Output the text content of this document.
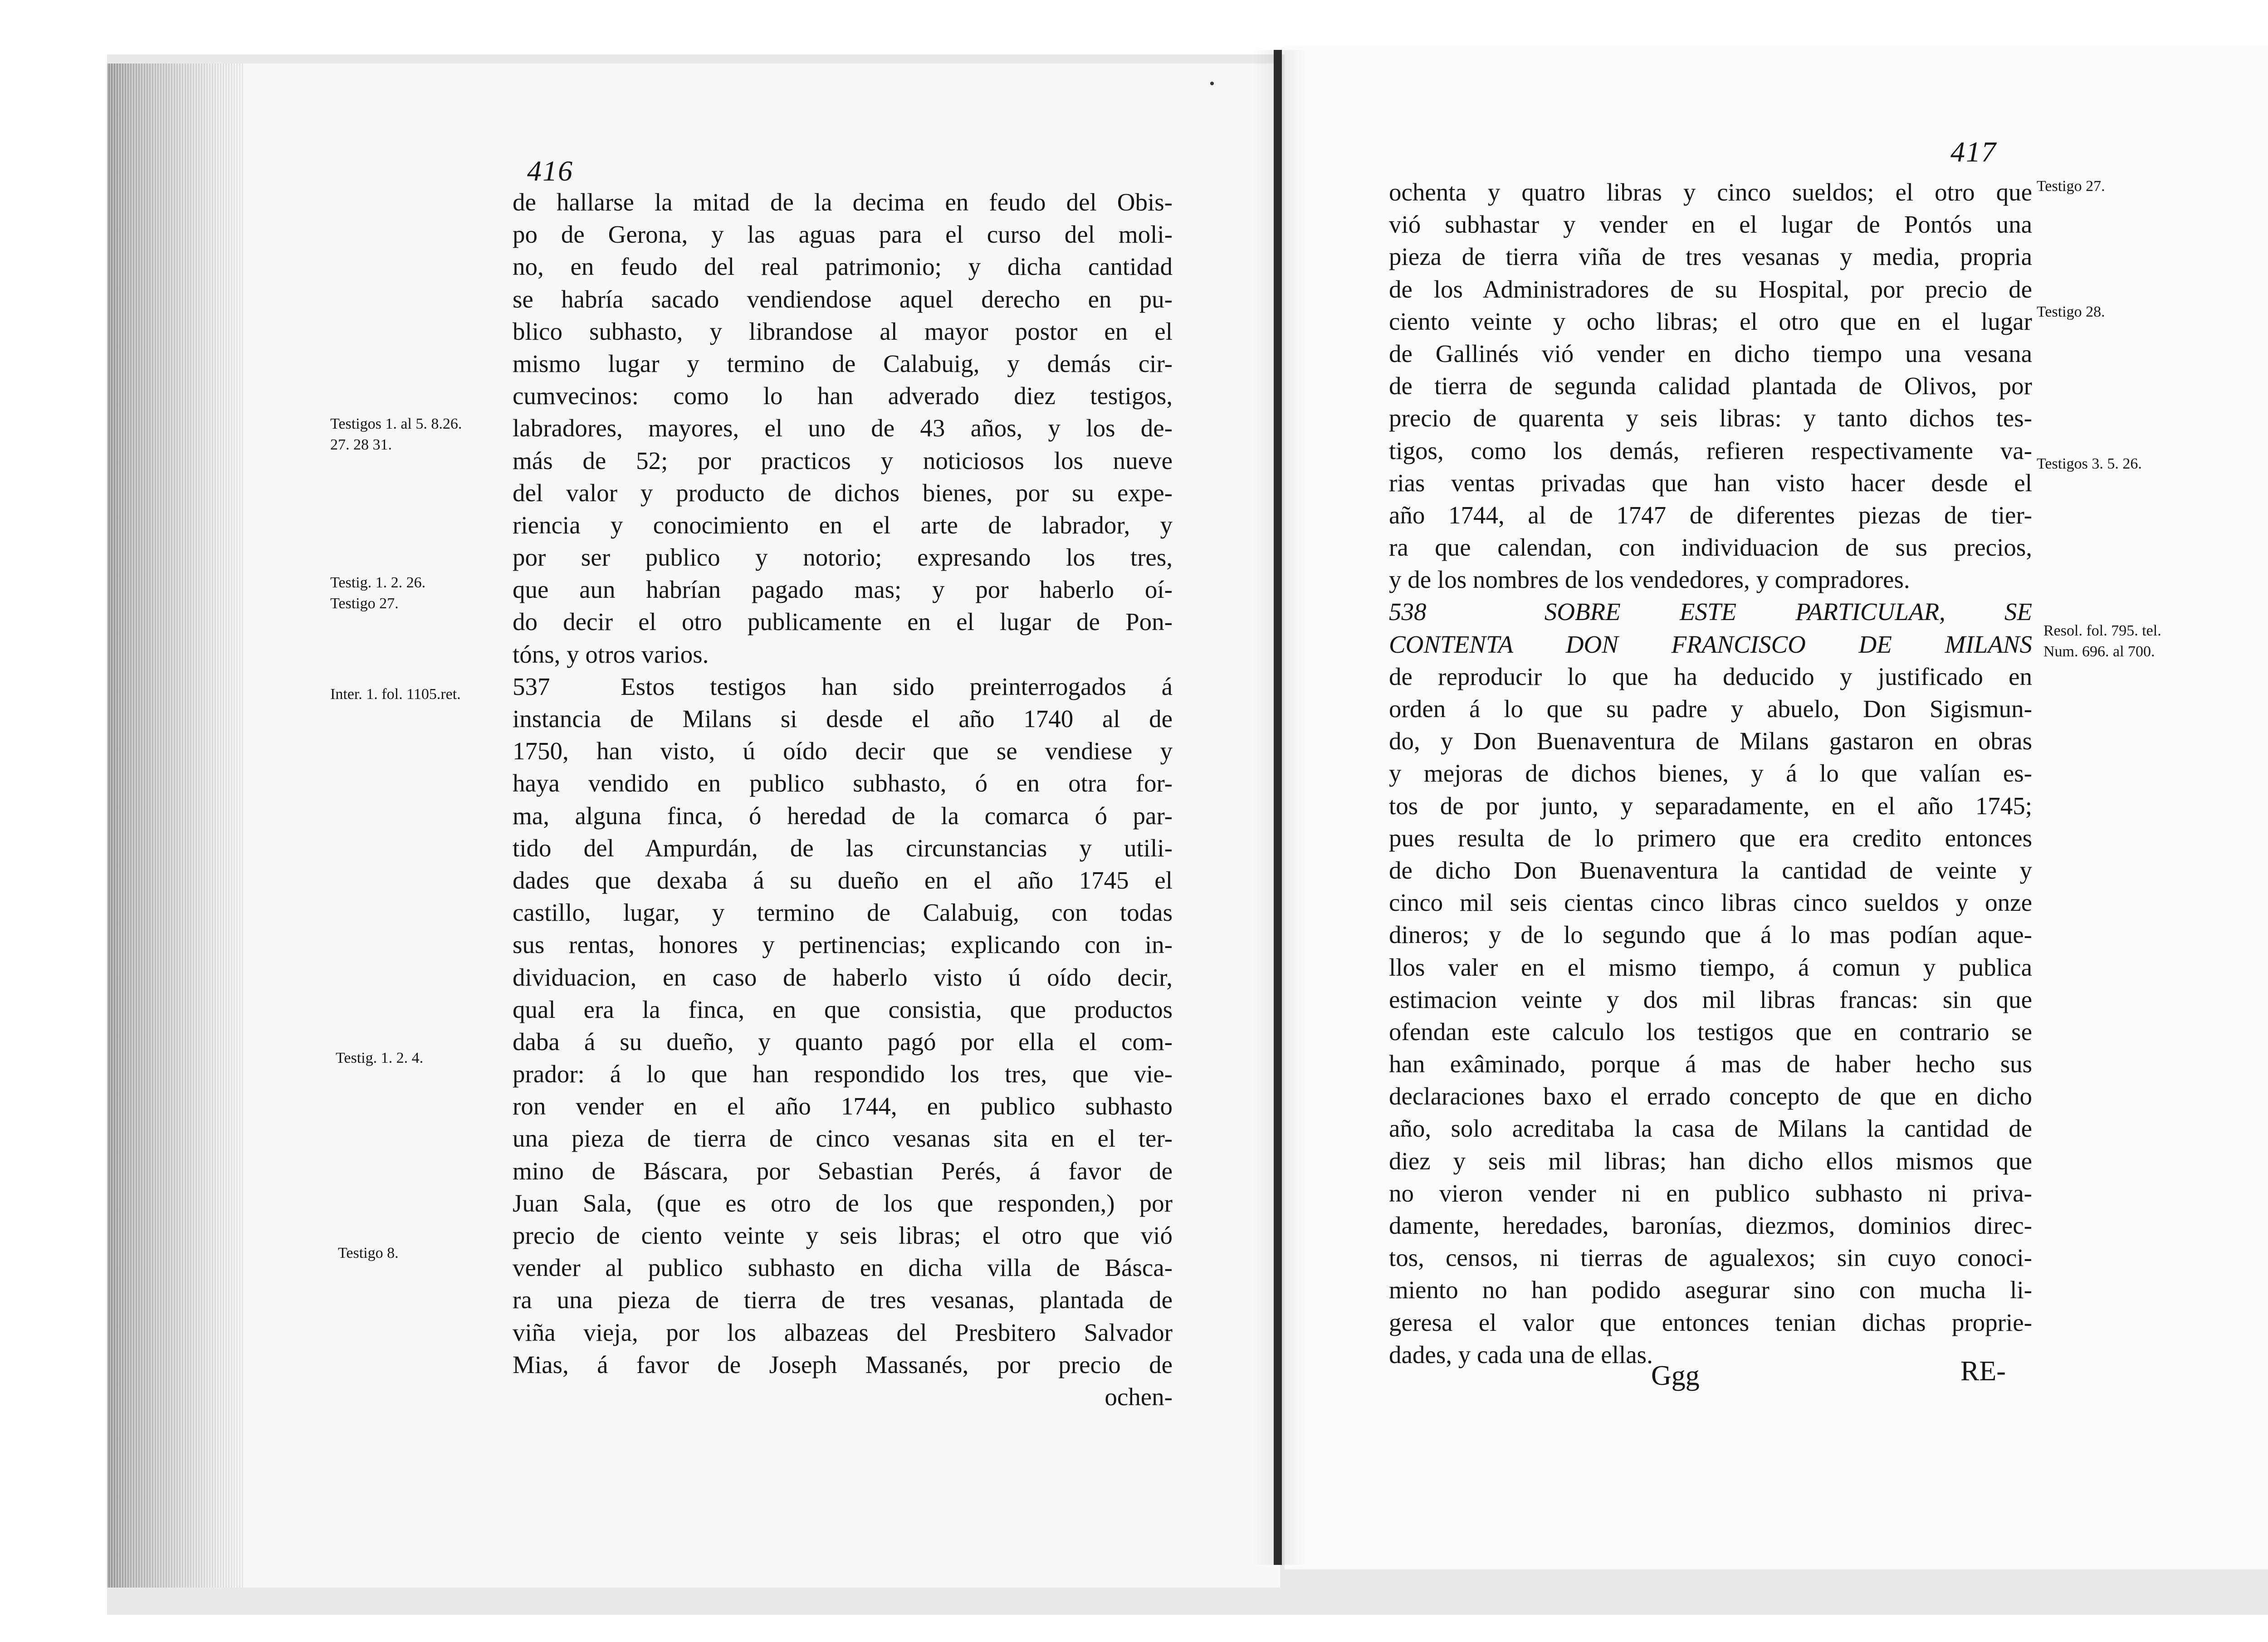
416
de hallarse la mitad de la decima en feudo del Obis-
po de Gerona, y las aguas para el curso del moli-
no, en feudo del real patrimonio; y dicha cantidad
se habría sacado vendiendose aquel derecho en pu-
blico subhasto, y librandose al mayor postor en el
mismo lugar y termino de Calabuig, y demás cir-
cumvecinos: como lo han adverado diez testigos,
labradores, mayores, el uno de 43 años, y los de-
más de 52; por practicos y noticiosos los nueve
del valor y producto de dichos bienes, por su expe-
riencia y conocimiento en el arte de labrador, y
por ser publico y notorio; expresando los tres,
que aun habrían pagado mas; y por haberlo oí-
do decir el otro publicamente en el lugar de Pon-
tóns, y otros varios.
537  Estos testigos han sido preinterrogados á
instancia de Milans si desde el año 1740 al de
1750, han visto, ú oído decir que se vendiese y
haya vendido en publico subhasto, ó en otra for-
ma, alguna finca, ó heredad de la comarca ó par-
tido del Ampurdán, de las circunstancias y utili-
dades que dexaba á su dueño en el año 1745 el
castillo, lugar, y termino de Calabuig, con todas
sus rentas, honores y pertinencias; explicando con in-
dividuacion, en caso de haberlo visto ú oído decir,
qual era la finca, en que consistia, que productos
daba á su dueño, y quanto pagó por ella el com-
prador: á lo que han respondido los tres, que vie-
ron vender en el año 1744, en publico subhasto
una pieza de tierra de cinco vesanas sita en el ter-
mino de Báscara, por Sebastian Perés, á favor de
Juan Sala, (que es otro de los que responden,) por
precio de ciento veinte y seis libras; el otro que vió
vender al publico subhasto en dicha villa de Básca-
ra una pieza de tierra de tres vesanas, plantada de
viña vieja, por los albazeas del Presbitero Salvador
Mias, á favor de Joseph Massanés, por precio de
ochen-
Testigos 1. al 5. 8.26.
27. 28 31.
Testig. 1. 2. 26.
Testigo 27.
Inter. 1. fol. 1105.ret.
Testig. 1. 2. 4.
Testigo 8.
417
ochenta y quatro libras y cinco sueldos; el otro que
vió subhastar y vender en el lugar de Pontós una
pieza de tierra viña de tres vesanas y media, propria
de los Administradores de su Hospital, por precio de
ciento veinte y ocho libras; el otro que en el lugar
de Gallinés vió vender en dicho tiempo una vesana
de tierra de segunda calidad plantada de Olivos, por
precio de quarenta y seis libras: y tanto dichos tes-
tigos, como los demás, refieren respectivamente va-
rias ventas privadas que han visto hacer desde el
año 1744, al de 1747 de diferentes piezas de tier-
ra que calendan, con individuacion de sus precios,
y de los nombres de los vendedores, y compradores.
538  SOBRE ESTE PARTICULAR, SE
CONTENTA DON FRANCISCO DE MILANS
de reproducir lo que ha deducido y justificado en
orden á lo que su padre y abuelo, Don Sigismun-
do, y Don Buenaventura de Milans gastaron en obras
y mejoras de dichos bienes, y á lo que valían es-
tos de por junto, y separadamente, en el año 1745;
pues resulta de lo primero que era credito entonces
de dicho Don Buenaventura la cantidad de veinte y
cinco mil seis cientas cinco libras cinco sueldos y onze
dineros; y de lo segundo que á lo mas podían aque-
llos valer en el mismo tiempo, á comun y publica
estimacion veinte y dos mil libras francas: sin que
ofendan este calculo los testigos que en contrario se
han exâminado, porque á mas de haber hecho sus
declaraciones baxo el errado concepto de que en dicho
año, solo acreditaba la casa de Milans la cantidad de
diez y seis mil libras; han dicho ellos mismos que
no vieron vender ni en publico subhasto ni priva-
damente, heredades, baronías, diezmos, dominios direc-
tos, censos, ni tierras de agualexos; sin cuyo conoci-
miento no han podido asegurar sino con mucha li-
geresa el valor que entonces tenian dichas proprie-
dades, y cada una de ellas.
Testigo 27.
Testigo 28.
Testigos 3. 5. 26.
Resol. fol. 795. tel.
Num. 696. al 700.
Ggg	RE-
